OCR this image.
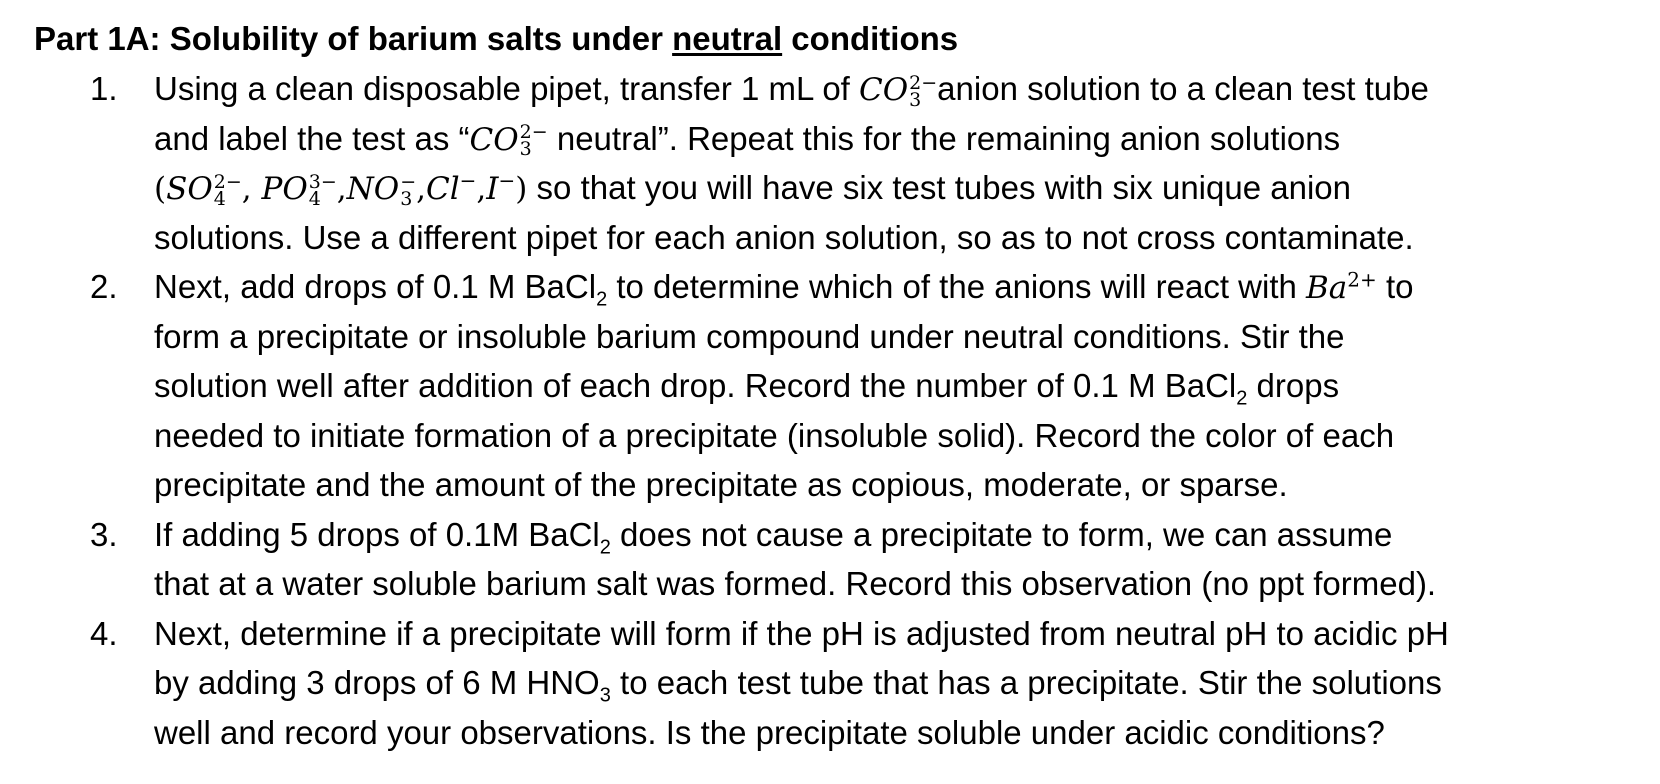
Part 1A: Solubility of barium salts under neutral conditions
1. Using a clean disposable pipet, transfer 1 mL of CO 2−
3 anion solution to a clean test tube
and label the test as “CO 2−
3 neutral”. Repeat this for the remaining anion solutions
(SO 2−
4 , PO 3−
4 ,NO −
3 ,Cl−,I−) so that you will have six test tubes with six unique anion
solutions. Use a different pipet for each anion solution, so as to not cross contaminate.
2. Next, add drops of 0.1 M BaCl$_2$ to determine which of the anions will react with $Ba^{2+}$ to
form a precipitate or insoluble barium compound under neutral conditions. Stir the
solution well after addition of each drop. Record the number of 0.1 M BaCl$_2$ drops
needed to initiate formation of a precipitate (insoluble solid). Record the color of each
precipitate and the amount of the precipitate as copious, moderate, or sparse.
3. If adding 5 drops of 0.1M BaCl$_2$ does not cause a precipitate to form, we can assume
that at a water soluble barium salt was formed. Record this observation (no ppt formed).
4. Next, determine if a precipitate will form if the pH is adjusted from neutral pH to acidic pH
by adding 3 drops of 6 M $HNO_3$ to each test tube that has a precipitate. Stir the solutions
well and record your observations. Is the precipitate soluble under acidic conditions?
